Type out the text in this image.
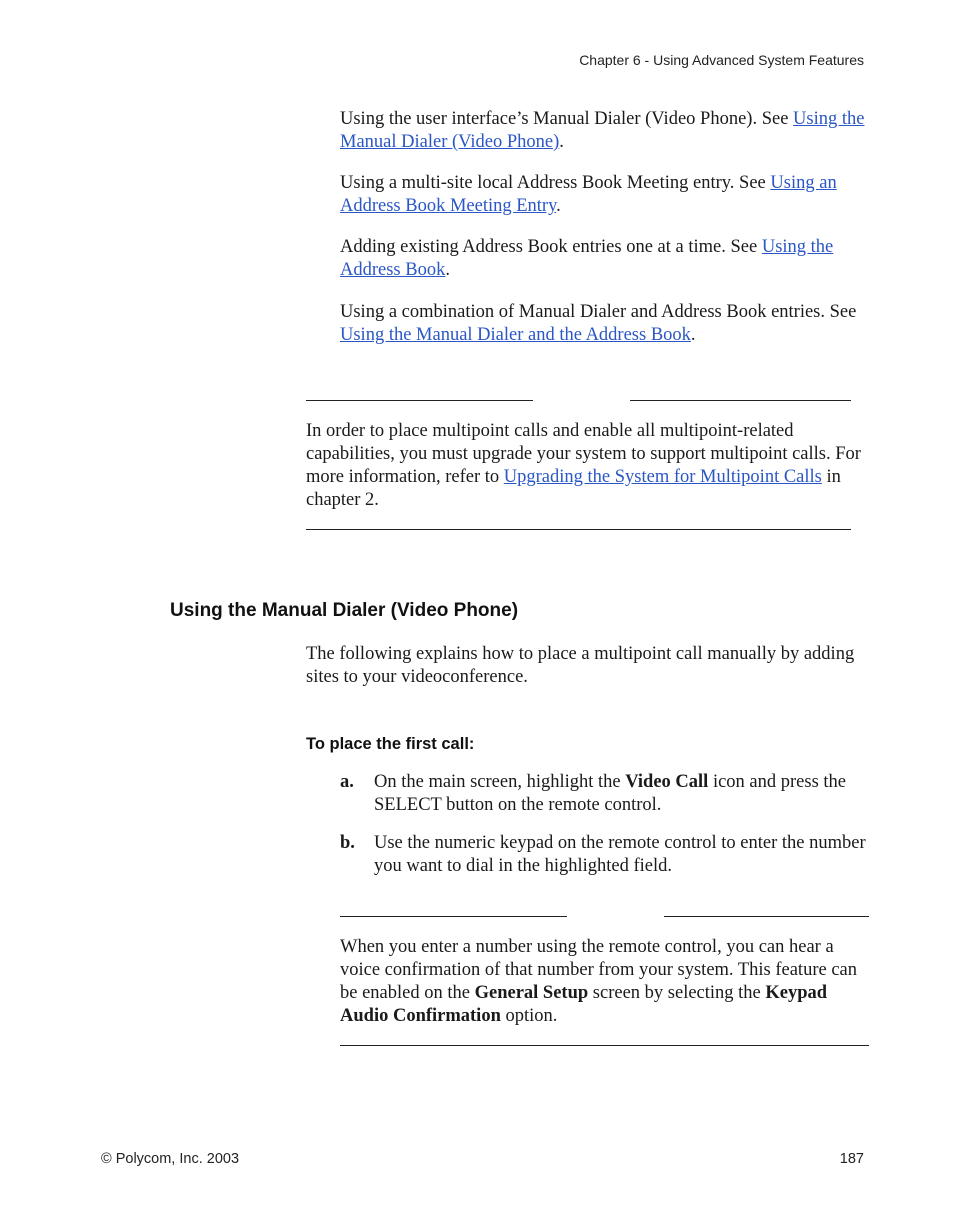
Chapter 6 - Using Advanced System Features

Using the user interface’s Manual Dialer (Video Phone). See Using the Manual Dialer (Video Phone).

Using a multi-site local Address Book Meeting entry. See Using an Address Book Meeting Entry.

Adding existing Address Book entries one at a time. See Using the Address Book.

Using a combination of Manual Dialer and Address Book entries. See Using the Manual Dialer and the Address Book.

In order to place multipoint calls and enable all multipoint-related capabilities, you must upgrade your system to support multipoint calls. For more information, refer to Upgrading the System for Multipoint Calls in chapter 2.

Using the Manual Dialer (Video Phone)

The following explains how to place a multipoint call manually by adding sites to your videoconference.

To place the first call:
a. On the main screen, highlight the Video Call icon and press the SELECT button on the remote control.
b. Use the numeric keypad on the remote control to enter the number you want to dial in the highlighted field.

When you enter a number using the remote control, you can hear a voice confirmation of that number from your system. This feature can be enabled on the General Setup screen by selecting the Keypad Audio Confirmation option.

© Polycom, Inc. 2003	187
